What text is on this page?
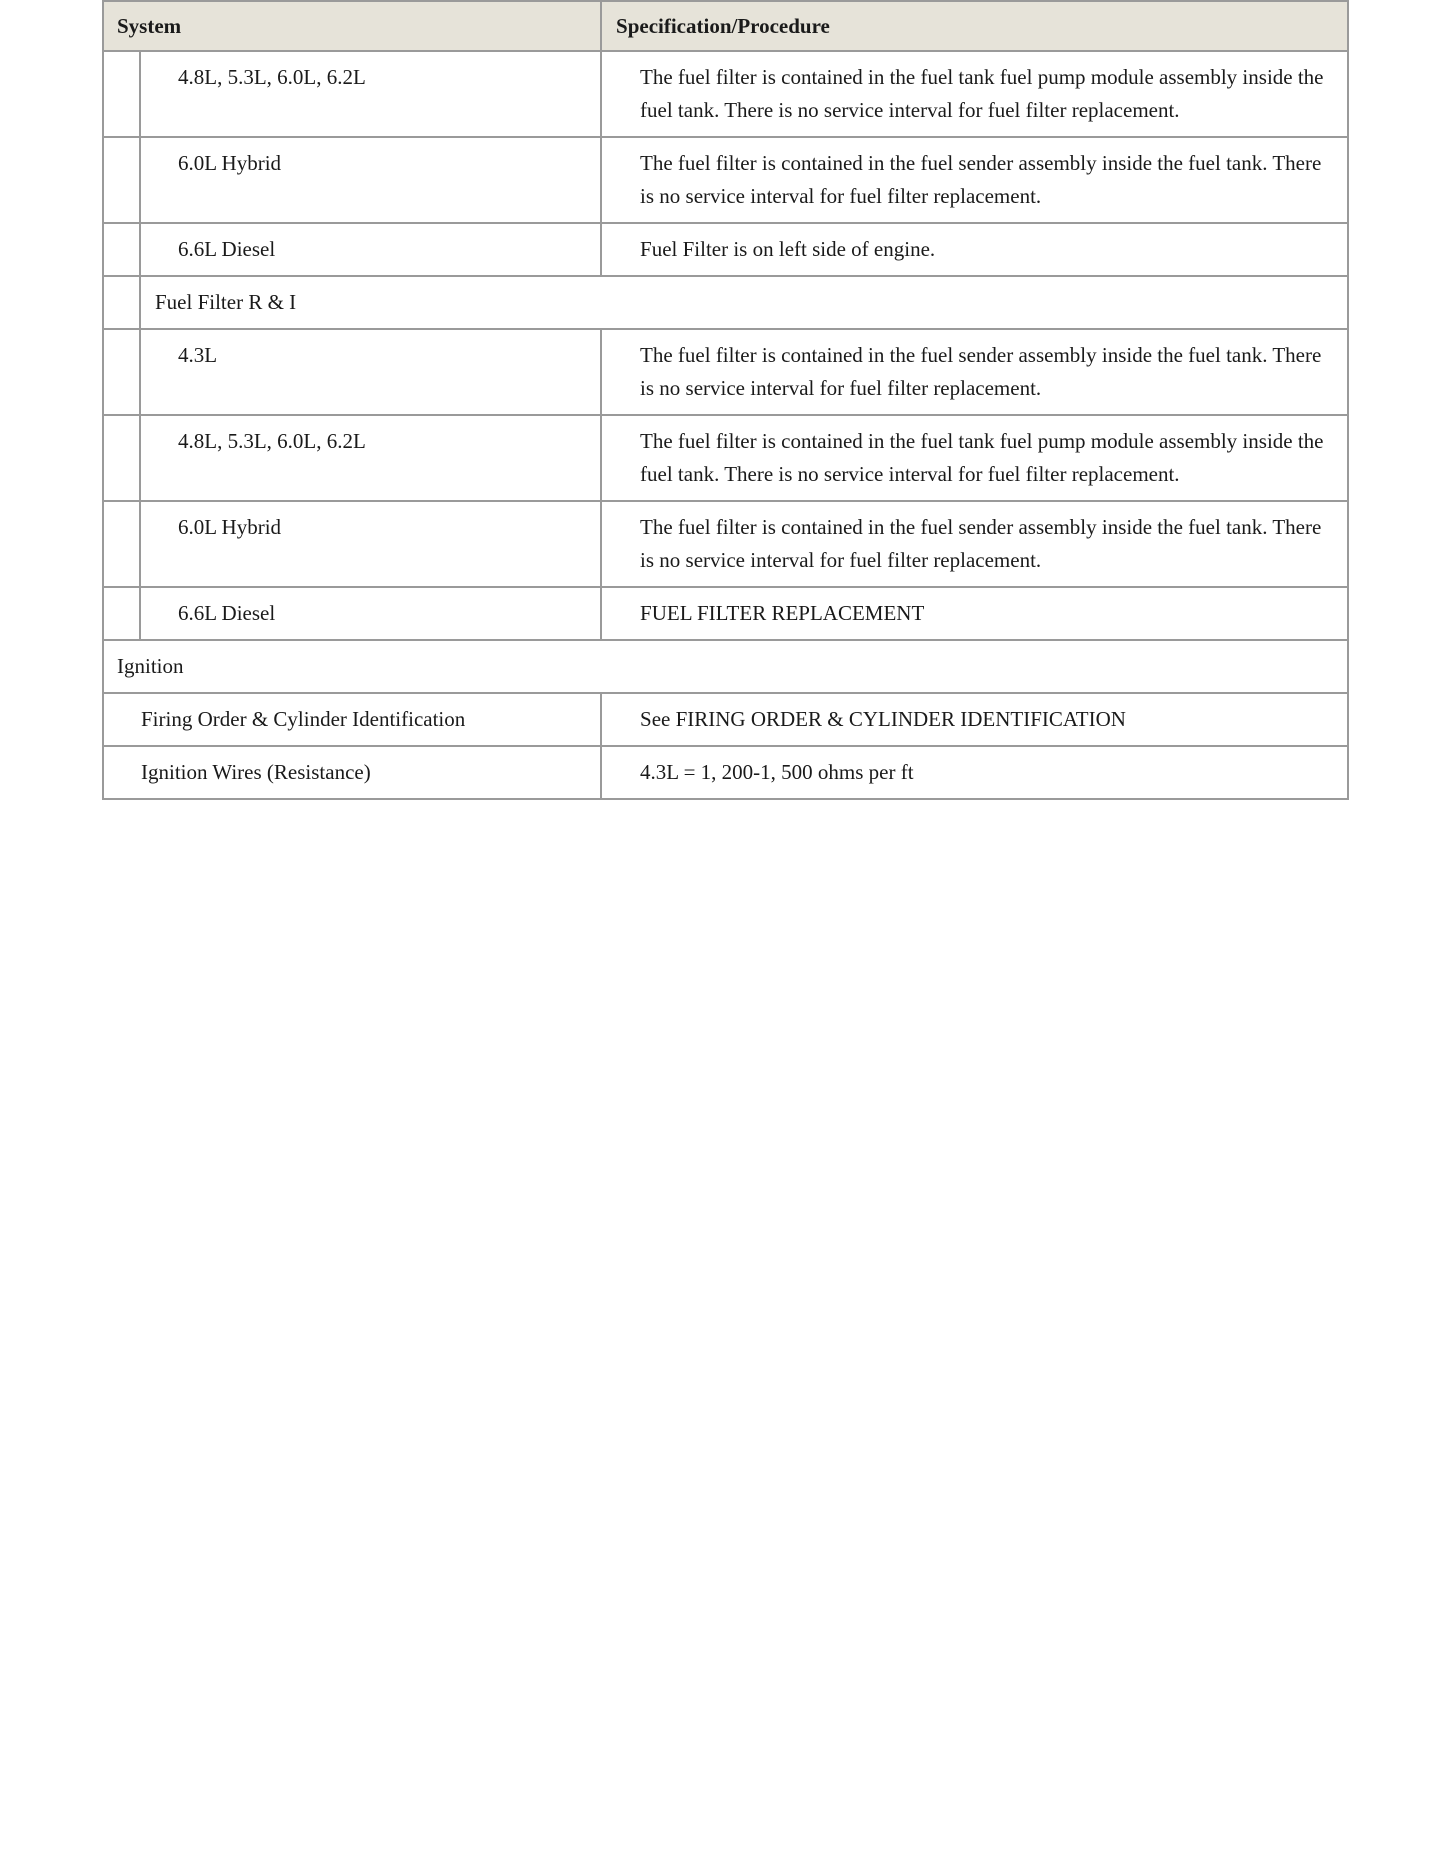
System		Specification/Procedure
	4.8L, 5.3L, 6.0L, 6.2L	The fuel filter is contained in the fuel tank fuel pump module assembly inside the fuel tank. There is no service interval for fuel filter replacement.
	6.0L Hybrid	The fuel filter is contained in the fuel sender assembly inside the fuel tank. There is no service interval for fuel filter replacement.
	6.6L Diesel	Fuel Filter is on left side of engine.
	Fuel Filter R & I	
	4.3L	The fuel filter is contained in the fuel sender assembly inside the fuel tank. There is no service interval for fuel filter replacement.
	4.8L, 5.3L, 6.0L, 6.2L	The fuel filter is contained in the fuel tank fuel pump module assembly inside the fuel tank. There is no service interval for fuel filter replacement.
	6.0L Hybrid	The fuel filter is contained in the fuel sender assembly inside the fuel tank. There is no service interval for fuel filter replacement.
	6.6L Diesel	FUEL FILTER REPLACEMENT
Ignition		
Firing Order & Cylinder Identification		See FIRING ORDER & CYLINDER IDENTIFICATION
Ignition Wires (Resistance)		4.3L = 1, 200-1, 500 ohms per ft
